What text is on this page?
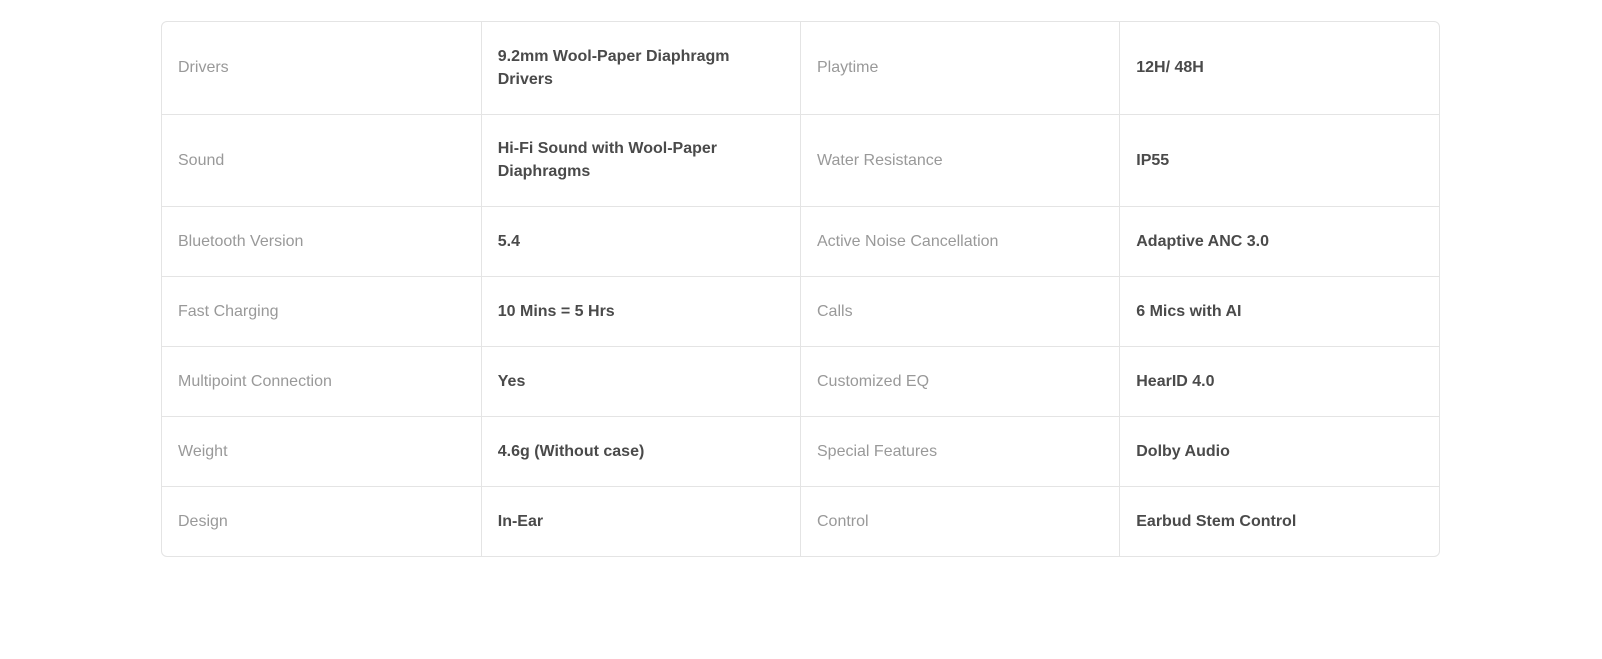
Drivers	9.2mm Wool-Paper Diaphragm Drivers	Playtime	12H/ 48H
Sound	Hi-Fi Sound with Wool-Paper Diaphragms	Water Resistance	IP55
Bluetooth Version	5.4	Active Noise Cancellation	Adaptive ANC 3.0
Fast Charging	10 Mins = 5 Hrs	Calls	6 Mics with AI
Multipoint Connection	Yes	Customized EQ	HearID 4.0
Weight	4.6g (Without case)	Special Features	Dolby Audio
Design	In-Ear	Control	Earbud Stem Control
